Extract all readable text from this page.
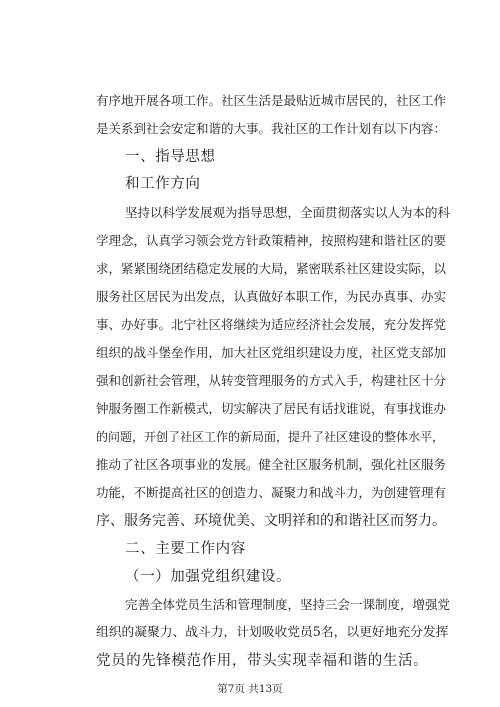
有序地开展各项工作。社区生活是最贴近城市居民的，社区工作
是关系到社会安定和谐的大事。我社区的工作计划有以下内容：
一、指导思想
和工作方向
坚持以科学发展观为指导思想，全面贯彻落实以人为本的科
学理念，认真学习领会党方针政策精神，按照构建和谐社区的要
求，紧紧围绕团结稳定发展的大局，紧密联系社区建设实际，以
服务社区居民为出发点，认真做好本职工作，为民办真事、办实
事、办好事。北宁社区将继续为适应经济社会发展，充分发挥党
组织的战斗堡垒作用，加大社区党组织建设力度，社区党支部加
强和创新社会管理，从转变管理服务的方式入手，构建社区十分
钟服务圈工作新模式，切实解决了居民有话找谁说，有事找谁办
的问题，开创了社区工作的新局面，提升了社区建设的整体水平，
推动了社区各项事业的发展。健全社区服务机制，强化社区服务
功能，不断提高社区的创造力、凝聚力和战斗力，为创建管理有
序、服务完善、环境优美、文明祥和的和谐社区而努力。
二、主要工作内容
（一）加强党组织建设。
完善全体党员生活和管理制度，坚持三会一课制度，增强党
组织的凝聚力、战斗力，计划吸收党员5名，以更好地充分发挥
党员的先锋模范作用，带头实现幸福和谐的生活。
第7页 共13页
